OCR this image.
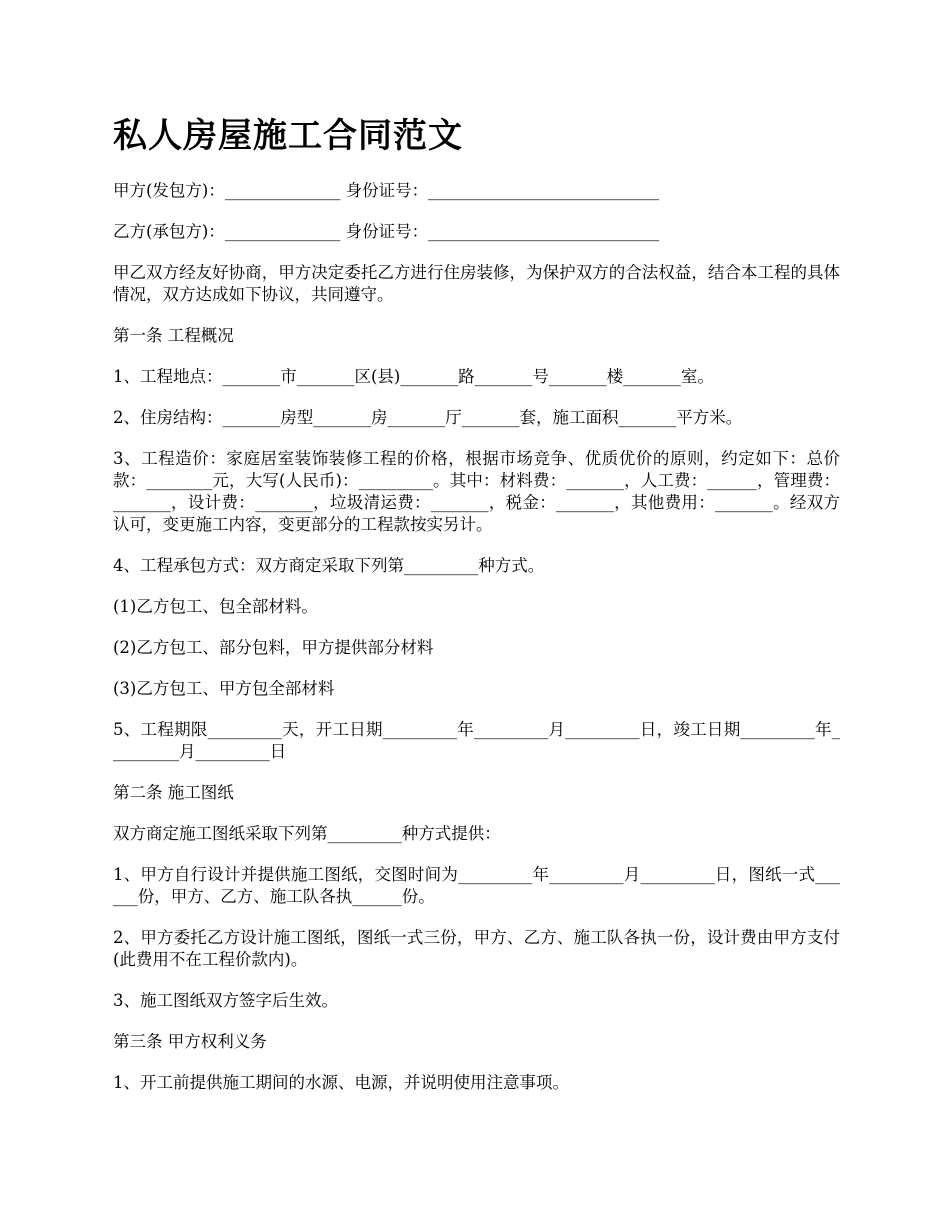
私人房屋施工合同范文

甲方(发包方)：______________ 身份证号：____________________________

乙方(承包方)：______________ 身份证号：____________________________

甲乙双方经友好协商，甲方决定委托乙方进行住房装修，为保护双方的合法权益，结合本工程的具体情况，双方达成如下协议，共同遵守。

第一条 工程概况

1、工程地点：_______市_______区(县)_______路_______号_______楼_______室。

2、住房结构：_______房型_______房_______厅_______套，施工面积_______平方米。

3、工程造价：家庭居室装饰装修工程的价格，根据市场竞争、优质优价的原则，约定如下：总价款：________元，大写(人民币)：_________。其中：材料费：_______，人工费：______，管理费：_______，设计费：_______，垃圾清运费：_______，税金：_______，其他费用：_______。经双方认可，变更施工内容，变更部分的工程款按实另计。

4、工程承包方式：双方商定采取下列第_________种方式。

(1)乙方包工、包全部材料。

(2)乙方包工、部分包料，甲方提供部分材料

(3)乙方包工、甲方包全部材料

5、工程期限_________天，开工日期_________年_________月_________日，竣工日期_________年_________月_________日

第二条 施工图纸

双方商定施工图纸采取下列第_________种方式提供：

1、甲方自行设计并提供施工图纸，交图时间为_________年_________月_________日，图纸一式______份，甲方、乙方、施工队各执______份。

2、甲方委托乙方设计施工图纸，图纸一式三份，甲方、乙方、施工队各执一份，设计费由甲方支付(此费用不在工程价款内)。

3、施工图纸双方签字后生效。

第三条 甲方权利义务

1、开工前提供施工期间的水源、电源，并说明使用注意事项。
